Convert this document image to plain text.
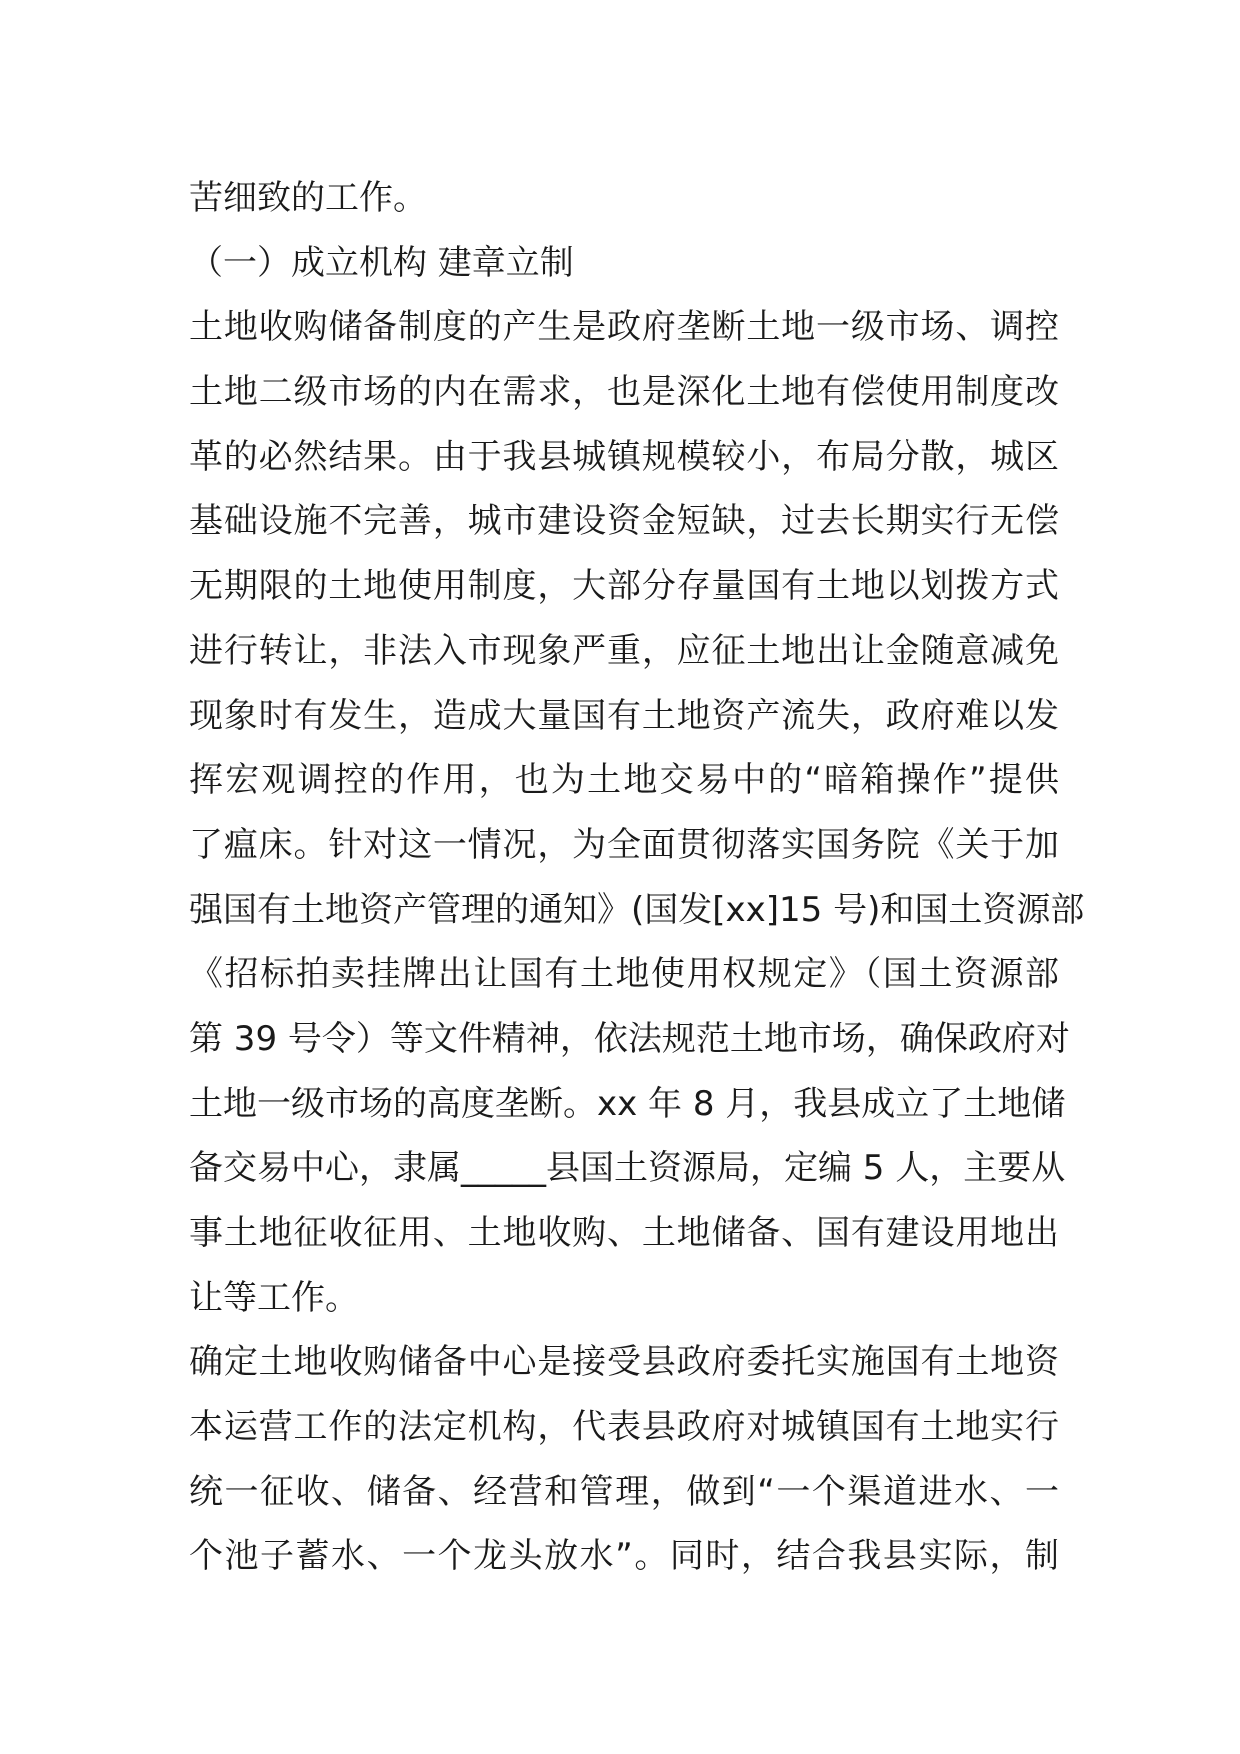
苦细致的工作。
（一）成立机构 建章立制
土地收购储备制度的产生是政府垄断土地一级市场、调控
土地二级市场的内在需求，也是深化土地有偿使用制度改
革的必然结果。由于我县城镇规模较小，布局分散，城区
基础设施不完善，城市建设资金短缺，过去长期实行无偿
无期限的土地使用制度，大部分存量国有土地以划拨方式
进行转让，非法入市现象严重，应征土地出让金随意减免
现象时有发生，造成大量国有土地资产流失，政府难以发
挥宏观调控的作用，也为土地交易中的“暗箱操作”提供
了瘟床。针对这一情况，为全面贯彻落实国务院《关于加
强国有土地资产管理的通知》(国发[xx]15 号)和国土资源部
《招标拍卖挂牌出让国有土地使用权规定》（国土资源部
第 39 号令）等文件精神，依法规范土地市场，确保政府对
土地一级市场的高度垄断。xx 年 8 月，我县成立了土地储
备交易中心，隶属_____县国土资源局，定编 5 人，主要从
事土地征收征用、土地收购、土地储备、国有建设用地出
让等工作。
确定土地收购储备中心是接受县政府委托实施国有土地资
本运营工作的法定机构，代表县政府对城镇国有土地实行
统一征收、储备、经营和管理，做到“一个渠道进水、一
个池子蓄水、一个龙头放水”。同时，结合我县实际，制
